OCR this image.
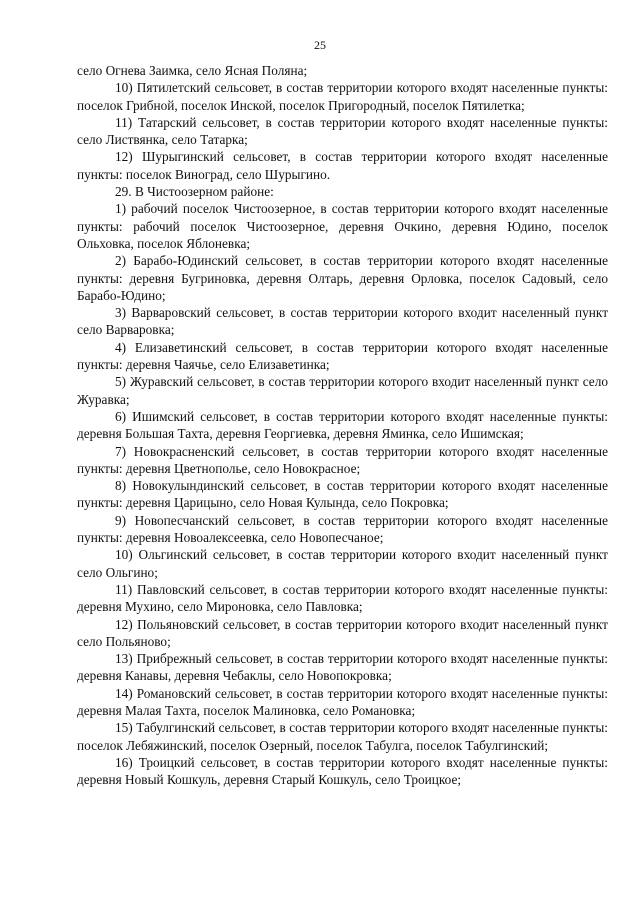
25

село Огнева Заимка, село Ясная Поляна;

10) Пятилетский сельсовет, в состав территории которого входят населенные пункты: поселок Грибной, поселок Инской, поселок Пригородный, поселок Пятилетка;

11) Татарский сельсовет, в состав территории которого входят населенные пункты: село Листвянка, село Татарка;

12) Шурыгинский сельсовет, в состав территории которого входят населенные пункты: поселок Виноград, село Шурыгино.

29. В Чистоозерном районе:

1) рабочий поселок Чистоозерное, в состав территории которого входят населенные пункты: рабочий поселок Чистоозерное, деревня Очкино, деревня Юдино, поселок Ольховка, поселок Яблоневка;

2) Барабо-Юдинский сельсовет, в состав территории которого входят населенные пункты: деревня Бугриновка, деревня Олтарь, деревня Орловка, поселок Садовый, село Барабо-Юдино;

3) Варваровский сельсовет, в состав территории которого входит населенный пункт село Варваровка;

4) Елизаветинский сельсовет, в состав территории которого входят населенные пункты: деревня Чаячье, село Елизаветинка;

5) Журавский сельсовет, в состав территории которого входит населенный пункт село Журавка;

6) Ишимский сельсовет, в состав территории которого входят населенные пункты: деревня Большая Тахта, деревня Георгиевка, деревня Яминка, село Ишимская;

7) Новокрасненский сельсовет, в состав территории которого входят населенные пункты: деревня Цветнополье, село Новокрасное;

8) Новокулындинский сельсовет, в состав территории которого входят населенные пункты: деревня Царицыно, село Новая Кулында, село Покровка;

9) Новопесчанский сельсовет, в состав территории которого входят населенные пункты: деревня Новоалексеевка, село Новопесчаное;

10) Ольгинский сельсовет, в состав территории которого входит населенный пункт село Ольгино;

11) Павловский сельсовет, в состав территории которого входят населенные пункты: деревня Мухино, село Мироновка, село Павловка;

12) Польяновский сельсовет, в состав территории которого входит населенный пункт село Польяново;

13) Прибрежный сельсовет, в состав территории которого входят населенные пункты: деревня Канавы, деревня Чебаклы, село Новопокровка;

14) Романовский сельсовет, в состав территории которого входят населенные пункты: деревня Малая Тахта, поселок Малиновка, село Романовка;

15) Табулгинский сельсовет, в состав территории которого входят населенные пункты: поселок Лебяжинский, поселок Озерный, поселок Табулга, поселок Табулгинский;

16) Троицкий сельсовет, в состав территории которого входят населенные пункты: деревня Новый Кошкуль, деревня Старый Кошкуль, село Троицкое;
